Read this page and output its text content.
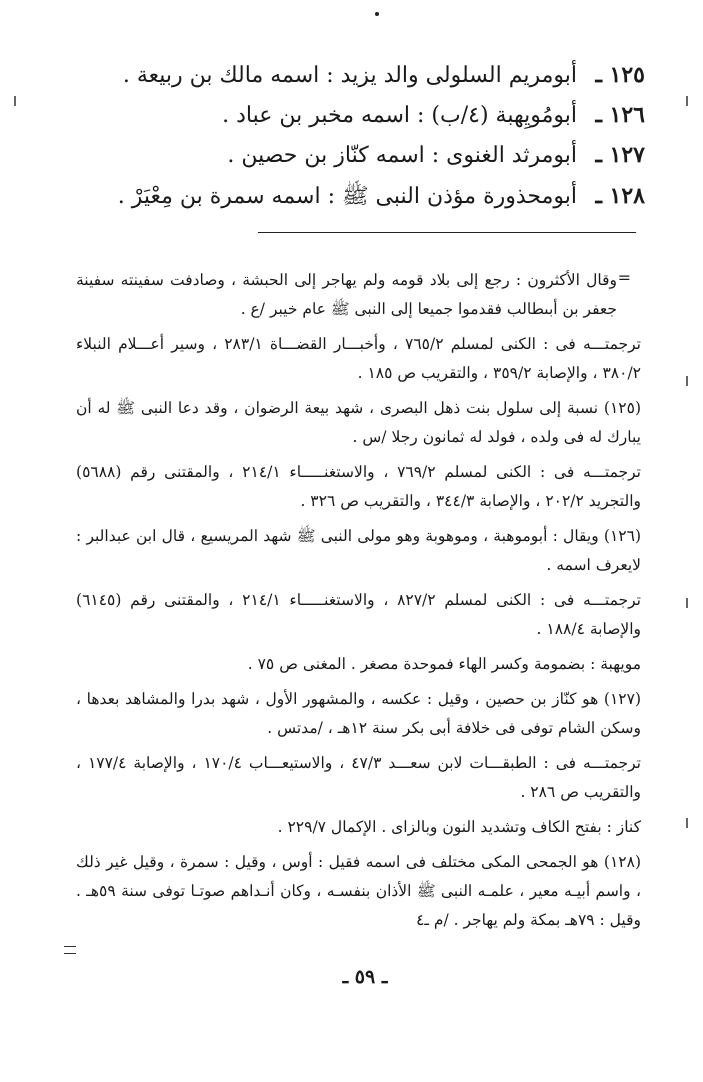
١٢٥ ـ
أبومريم السلولى والد يزيد : اسمه مالك بن ربيعة .
١٢٦ ـ
أبومُويِهبة (٤/ب) : اسمه مخبر بن عباد .
١٢٧ ـ
أبومرثد الغنوى : اسمه كنّاز بن حصين .
١٢٨ ـ
أبومحذورة مؤذن النبى ﷺ : اسمه سمرة بن مِعْيَرْ .
=
وقال الأكثرون : رجع إلى بلاد قومه ولم يهاجر إلى الحبشة ، وصادفت سفينته سفينة جعفر بن أبىطالب فقدموا جميعا إلى النبى ﷺ عام خيبر /ع .
ترجمتـــه فى : الكنى لمسلم ٧٦٥/٢ ، وأخبـــار القضـــاة ٢٨٣/١ ، وسير أعـــلام النبلاء ٣٨٠/٢ ، والإصابة ٣٥٩/٢ ، والتقريب ص ١٨٥ .
(١٢٥) نسبة إلى سلول بنت ذهل البصرى ، شهد بيعة الرضوان ، وقد دعا النبى ﷺ له أن يبارك له فى ولده ، فولد له ثمانون رجلا /س .
ترجمتـــه فى : الكنى لمسلم ٧٦٩/٢ ، والاستغنـــــاء ٢١٤/١ ، والمقتنى رقم (٥٦٨٨) والتجريد ٢٠٢/٢ ، والإصابة ٣٤٤/٣ ، والتقريب ص ٣٢٦ .
(١٢٦) ويقال : أبوموهبة ، وموهوبة وهو مولى النبى ﷺ شهد المريسيع ، قال ابن عبدالبر : لايعرف اسمه .
ترجمتـــه فى : الكنى لمسلم ٨٢٧/٢ ، والاستغنـــــاء ٢١٤/١ ، والمقتنى رقم (٦١٤٥) والإصابة ١٨٨/٤ .
مويهبة : بضمومة وكسر الهاء فموحدة مصغر . المغنى ص ٧٥ .
(١٢٧) هو كنّاز بن حصين ، وقيل : عكسه ، والمشهور الأول ، شهد بدرا والمشاهد بعدها ، وسكن الشام توفى فى خلافة أبى بكر سنة ١٢هـ ، /مدتس .
ترجمتـــه فى : الطبقـــات لابن سعـــد ٤٧/٣ ، والاستيعـــاب ١٧٠/٤ ، والإصابة ١٧٧/٤ ، والتقريب ص ٢٨٦ .
كناز : بفتح الكاف وتشديد النون وبالزاى . الإكمال ٢٢٩/٧ .
(١٢٨) هو الجمحى المكى مختلف فى اسمه فقيل : أوس ، وقيل : سمرة ، وقيل غير ذلك ، واسم أبيـه معير ، علمـه النبى ﷺ الأذان بنفسـه ، وكان أنـداهم صوتـا توفى سنة ٥٩هـ . وقيل : ٧٩هـ بمكة ولم يهاجر . /م ـ٤
ـ ٥٩ ـ
